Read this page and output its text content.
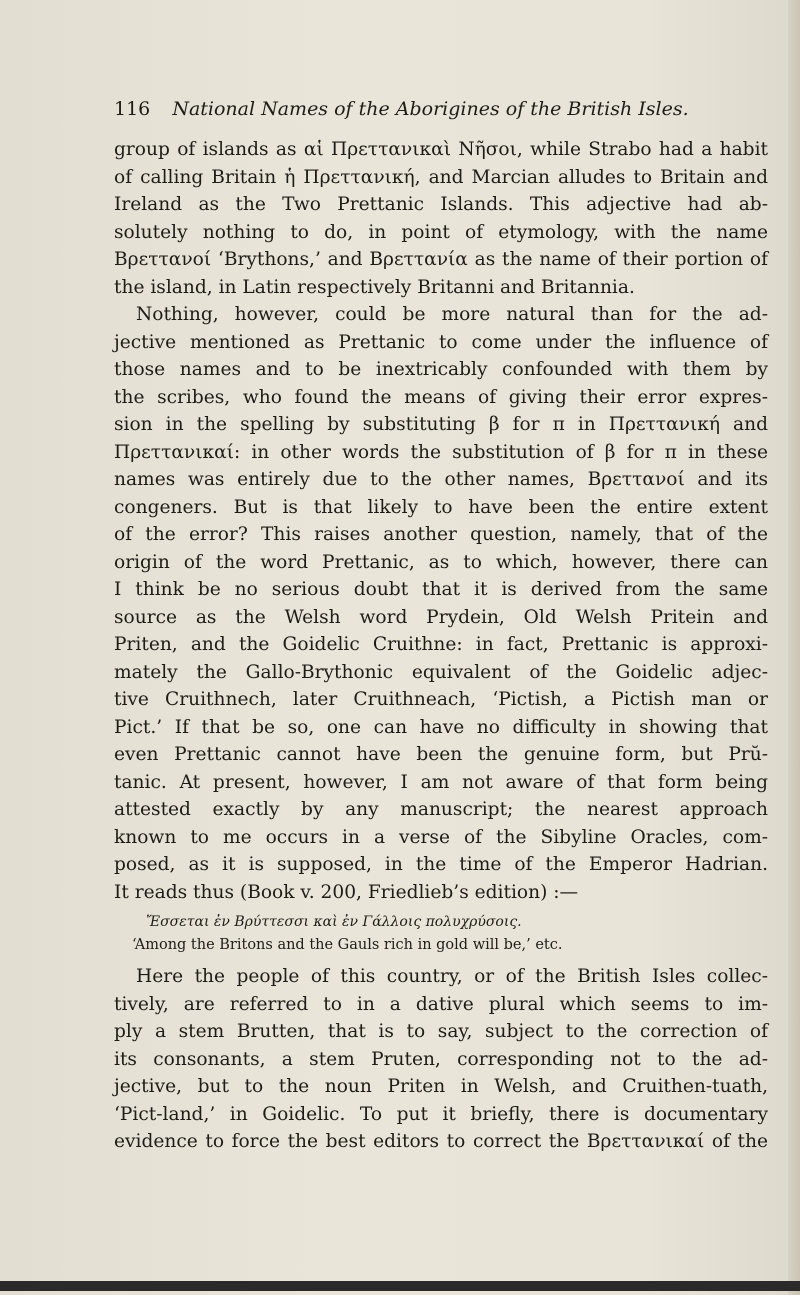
116 National Names of the Aborigines of the British Isles.
group of islands as αἱ Πρεττανικαὶ Νῆσοι, while Strabo had a habit
of calling Britain ἡ Πρεττανική, and Marcian alludes to Britain and
Ireland as the Two Prettanic Islands. This adjective had ab-
solutely nothing to do, in point of etymology, with the name
Βρεττανοί ‘Brythons,’ and Βρεττανία as the name of their portion of
the island, in Latin respectively Britanni and Britannia.
Nothing, however, could be more natural than for the ad-
jective mentioned as Prettanic to come under the influence of
those names and to be inextricably confounded with them by
the scribes, who found the means of giving their error expres-
sion in the spelling by substituting β for π in Πρεττανική and
Πρεττανικαί: in other words the substitution of β for π in these
names was entirely due to the other names, Βρεττανοί and its
congeners. But is that likely to have been the entire extent
of the error? This raises another question, namely, that of the
origin of the word Prettanic, as to which, however, there can
I think be no serious doubt that it is derived from the same
source as the Welsh word Prydein, Old Welsh Pritein and
Priten, and the Goidelic Cruithne: in fact, Prettanic is approxi-
mately the Gallo-Brythonic equivalent of the Goidelic adjec-
tive Cruithnech, later Cruithneach, ‘Pictish, a Pictish man or
Pict.’ If that be so, one can have no difficulty in showing that
even Prettanic cannot have been the genuine form, but Prŭ-
tanic. At present, however, I am not aware of that form being
attested exactly by any manuscript; the nearest approach
known to me occurs in a verse of the Sibyline Oracles, com-
posed, as it is supposed, in the time of the Emperor Hadrian.
It reads thus (Book v. 200, Friedlieb’s edition) :—
Ἔσσεται ἐν Βρύττεσσι καὶ ἐν Γάλλοις πολυχρύσοις.
‘Among the Britons and the Gauls rich in gold will be,’ etc.
Here the people of this country, or of the British Isles collec-
tively, are referred to in a dative plural which seems to im-
ply a stem Brutten, that is to say, subject to the correction of
its consonants, a stem Pruten, corresponding not to the ad-
jective, but to the noun Priten in Welsh, and Cruithen-tuath,
‘Pict-land,’ in Goidelic. To put it briefly, there is documentary
evidence to force the best editors to correct the Βρεττανικαί of the
